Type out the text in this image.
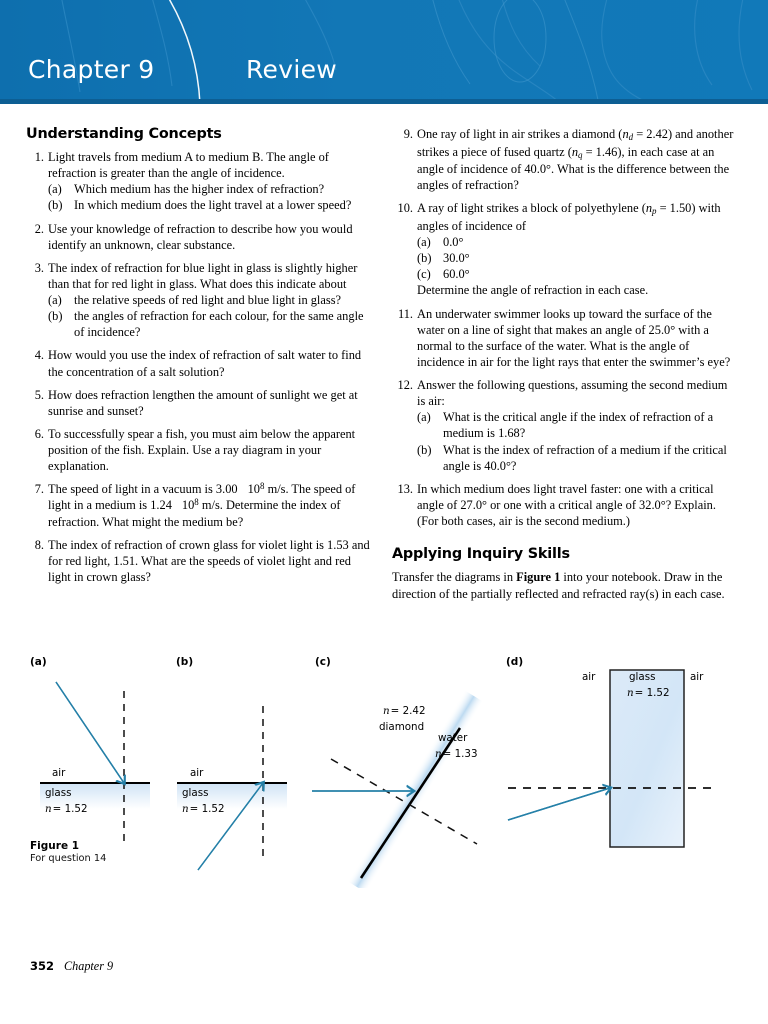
Chapter 9	Review
Understanding Concepts
1. Light travels from medium A to medium B. The angle of refraction is greater than the angle of incidence.
(a) Which medium has the higher index of refraction?
(b) In which medium does the light travel at a lower speed?
2. Use your knowledge of refraction to describe how you would identify an unknown, clear substance.
3. The index of refraction for blue light in glass is slightly higher than that for red light in glass. What does this indicate about
(a) the relative speeds of red light and blue light in glass?
(b) the angles of refraction for each colour, for the same angle of incidence?
4. How would you use the index of refraction of salt water to find the concentration of a salt solution?
5. How does refraction lengthen the amount of sunlight we get at sunrise and sunset?
6. To successfully spear a fish, you must aim below the apparent position of the fish. Explain. Use a ray diagram in your explanation.
7. The speed of light in a vacuum is 3.00 $10^8$ m/s. The speed of light in a medium is 1.24 $10^8$ m/s. Determine the index of refraction. What might the medium be?
8. The index of refraction of crown glass for violet light is 1.53 and for red light, 1.51. What are the speeds of violet light and red light in crown glass?
9. One ray of light in air strikes a diamond $(n_d = 2.42)$ and another strikes a piece of fused quartz $(n_q = 1.46)$, in each case at an angle of incidence of 40.0°. What is the difference between the angles of refraction?
10. A ray of light strikes a block of polyethylene $(n_p = 1.50)$ with angles of incidence of
(a) 0.0°
(b) 30.0°
(c) 60.0°
Determine the angle of refraction in each case.
11. An underwater swimmer looks up toward the surface of the water on a line of sight that makes an angle of 25.0° with a normal to the surface of the water. What is the angle of incidence in air for the light rays that enter the swimmer’s eye?
12. Answer the following questions, assuming the second medium is air:
(a) What is the critical angle if the index of refraction of a medium is 1.68?
(b) What is the index of refraction of a medium if the critical angle is 40.0°?
13. In which medium does light travel faster: one with a critical angle of 27.0° or one with a critical angle of 32.0°? Explain. (For both cases, air is the second medium.)
Applying Inquiry Skills

Transfer the diagrams in Figure 1 into your notebook. Draw in the direction of the partially reflected and refracted ray(s) in each case.

(a)	(b)	(c)	(d)
air
glass
n = 1.52
air
glass
n = 1.52
n = 2.42
diamond
water
n = 1.33
air	glass
n = 1.52
air
Figure 1
For question 14
352 Chapter 9
